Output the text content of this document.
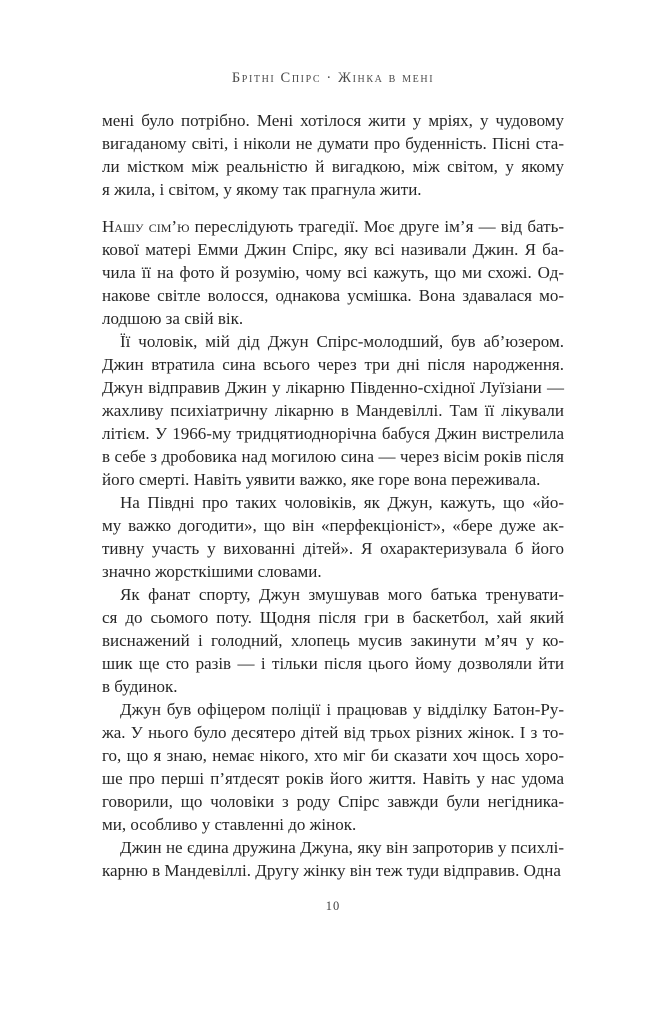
Брітні Спірс · Жінка в мені
мені було потрібно. Мені хотілося жити у мріях, у чудовому
вигаданому світі, і ніколи не думати про буденність. Пісні ста-
ли містком між реальністю й вигадкою, між світом, у якому
я жила, і світом, у якому так прагнула жити.
Нашу сім’ю переслідують трагедії. Моє друге ім’я — від бать-
кової матері Емми Джин Спірс, яку всі називали Джин. Я ба-
чила її на фото й розумію, чому всі кажуть, що ми схожі. Од-
накове світле волосся, однакова усмішка. Вона здавалася мо-
лодшою за свій вік.
Її чоловік, мій дід Джун Спірс-молодший, був аб’юзером.
Джин втратила сина всього через три дні після народження.
Джун відправив Джин у лікарню Південно-східної Луїзіани —
жахливу психіатричну лікарню в Мандевіллі. Там її лікували
літієм. У 1966-му тридцятиоднорічна бабуся Джин вистрелила
в себе з дробовика над могилою сина — через вісім років після
його смерті. Навіть уявити важко, яке горе вона переживала.
На Півдні про таких чоловіків, як Джун, кажуть, що «йо-
му важко догодити», що він «перфекціоніст», «бере дуже ак-
тивну участь у вихованні дітей». Я охарактеризувала б його
значно жорсткішими словами.
Як фанат спорту, Джун змушував мого батька тренувати-
ся до сьомого поту. Щодня після гри в баскетбол, хай який
виснажений і голодний, хлопець мусив закинути м’яч у ко-
шик ще сто разів — і тільки після цього йому дозволяли йти
в будинок.
Джун був офіцером поліції і працював у відділку Батон-Ру-
жа. У нього було десятеро дітей від трьох різних жінок. І з то-
го, що я знаю, немає нікого, хто міг би сказати хоч щось хоро-
ше про перші п’ятдесят років його життя. Навіть у нас удома
говорили, що чоловіки з роду Спірс завжди були негідника-
ми, особливо у ставленні до жінок.
Джин не єдина дружина Джуна, яку він запроторив у психлі-
карню в Мандевіллі. Другу жінку він теж туди відправив. Одна
10
